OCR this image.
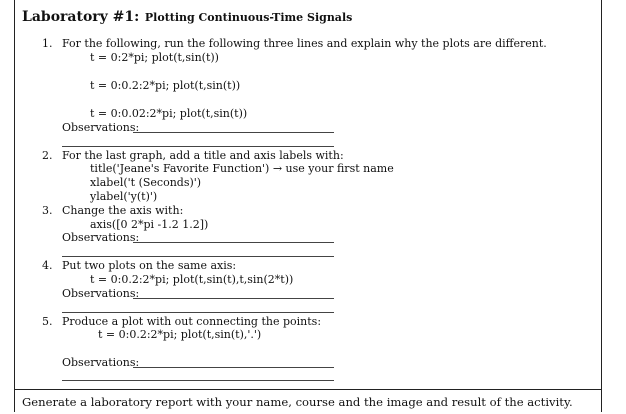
Laboratory #1: Plotting Continuous-Time Signals
1. For the following, run the following three lines and explain why the plots are different.
t = 0:2*pi; plot(t,sin(t))
t = 0:0.2:2*pi; plot(t,sin(t))
t = 0:0.02:2*pi; plot(t,sin(t))
Observations:
2. For the last graph, add a title and axis labels with:
title('Jeane's Favorite Function') → use your first name
xlabel('t (Seconds)')
ylabel('y(t)')
3. Change the axis with:
axis([0 2*pi -1.2 1.2])
Observations:
4. Put two plots on the same axis:
t = 0:0.2:2*pi; plot(t,sin(t),t,sin(2*t))
Observations:
5. Produce a plot with out connecting the points:
t = 0:0.2:2*pi; plot(t,sin(t),'.')
Observations:
Generate a laboratory report with your name, course and the image and result of the activity.
